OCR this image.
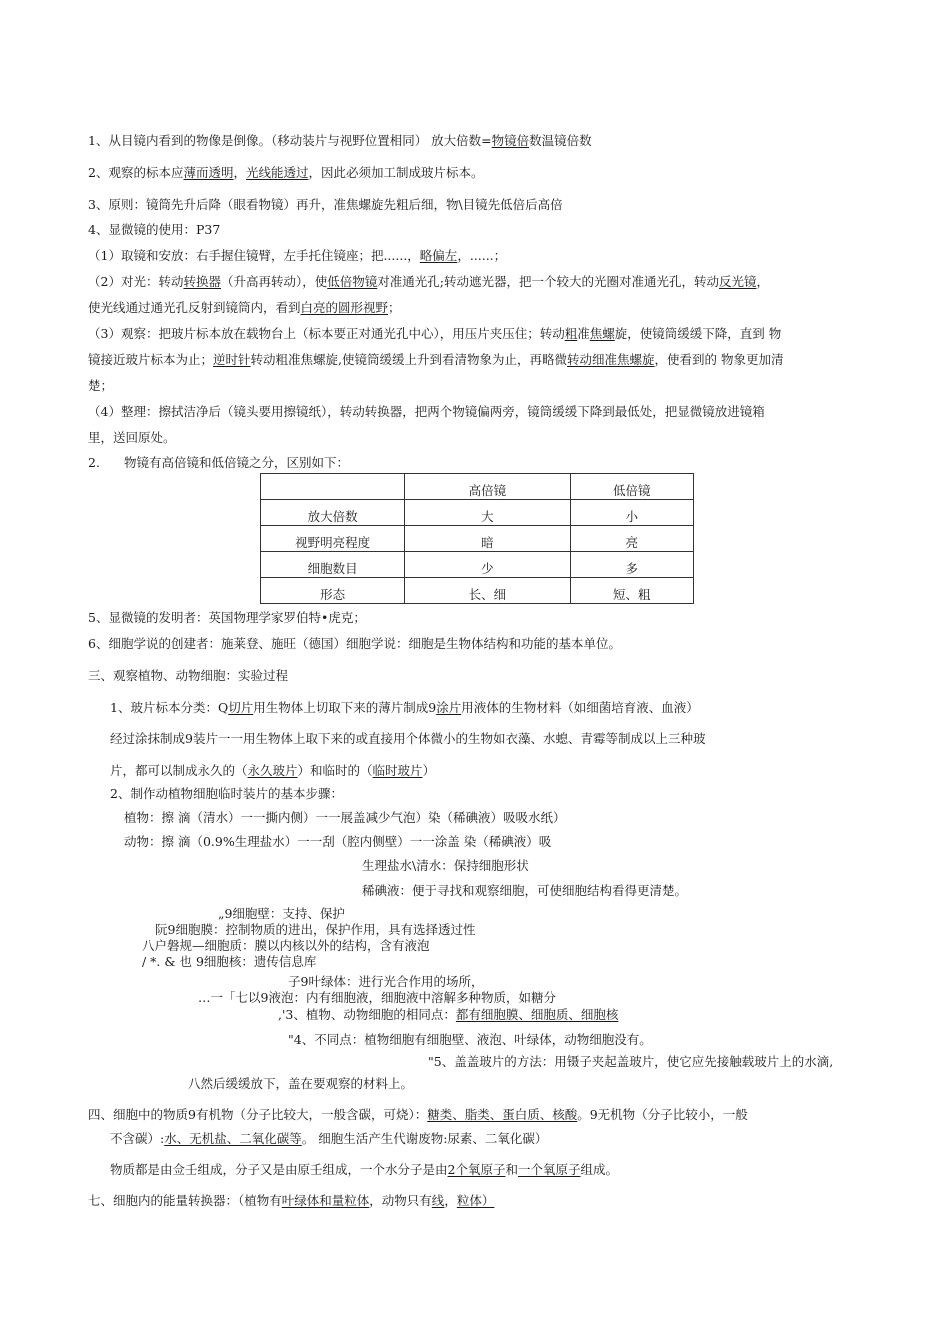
1、从目镜内看到的物像是倒像。（移动装片与视野位置相同） 放大倍数=物镜倍数温镜倍数
2、观察的标本应薄而透明，光线能透过，因此必须加工制成玻片标本。
3、原则：镜筒先升后降（眼看物镜）再升，准焦螺旋先粗后细，物\目镜先低倍后高倍
4、显微镜的使用：P37
（1）取镜和安放：右手握住镜臂，左手托住镜座；把......，略偏左，......；
（2）对光：转动转换器（升高再转动），使低倍物镜对准通光孔;转动遮光器，把一个较大的光圈对准通光孔，转动反光镜，
使光线通过通光孔反射到镜筒内，看到白亮的圆形视野；
（3）观察：把玻片标本放在载物台上（标本要正对通光孔中心），用压片夹压住；转动粗准焦螺旋，使镜筒缓缓下降，直到 物
镜接近玻片标本为止；逆时针转动粗准焦螺旋,使镜筒缓缓上升到看清物象为止，再略微转动细准焦螺旋，使看到的 物象更加清
楚；
（4）整理：擦拭洁净后（镜头要用擦镜纸），转动转换器，把两个物镜偏两旁，镜筒缓缓下降到最低处，把显微镜放进镜箱
里，送回原处。
2. 物镜有高倍镜和低倍镜之分，区别如下：
	高倍镜	低倍镜
放大倍数	大	小
视野明亮程度	暗	亮
细胞数目	少	多
形态	长、细	短、粗
5、显微镜的发明者：英国物理学家罗伯特•虎克；
6、细胞学说的创建者：施莱登、施旺（德国）细胞学说：细胞是生物体结构和功能的基本单位。
三、观察植物、动物细胞：实验过程
1、玻片标本分类：Q切片用生物体上切取下来的薄片制成9涂片用液体的生物材料（如细菌培育液、血液）
经过涂抹制成9装片一一用生物体上取下来的或直接用个体微小的生物如衣藻、水螅、青霉等制成以上三种玻
片，都可以制成永久的（永久玻片）和临时的（临时玻片）
2、制作动植物细胞临时装片的基本步骤：
植物：擦 滴（清水）一一撕内侧）一一展盖减少气泡）染（稀碘液）吸吸水纸）
动物：擦 滴（0.9%生理盐水）一一刮（腔内侧壁）一一涂盖 染（稀碘液）吸
生理盐水\清水：保持细胞形状
稀碘液：便于寻找和观察细胞，可使细胞结构看得更清楚。
„9细胞壁：支持、保护
阮9细胞膜：控制物质的进出，保护作用，具有选择透过性
八户磐规—细胞质：膜以内核以外的结构，含有液泡
/ *. & 也 9细胞核：遗传信息库
子9叶绿体：进行光合作用的场所，
…一「七以9液泡：内有细胞液，细胞液中溶解多种物质，如糖分
,'3、植物、动物细胞的相同点：都有细胞膜、细胞质、细胞核
"4、不同点：植物细胞有细胞壁、液泡、叶绿体，动物细胞没有。
"5、盖盖玻片的方法：用镊子夹起盖玻片，使它应先接触载玻片上的水滴,
八然后缓缓放下，盖在要观察的材料上。
四、细胞中的物质9有机物（分子比较大，一般含碳，可烧）：糖类、脂类、蛋白质、核酸。9无机物（分子比较小，一般
不含碳）:水、无机盐、二氧化碳等。 细胞生活产生代谢废物:尿素、二氧化碳）
物质都是由佥壬组成，分子又是由原壬组成，一个水分子是由2个氧原子和一个氧原子组成。
七、细胞内的能量转换器：（植物有叶绿体和量粒体，动物只有线，粒体）
